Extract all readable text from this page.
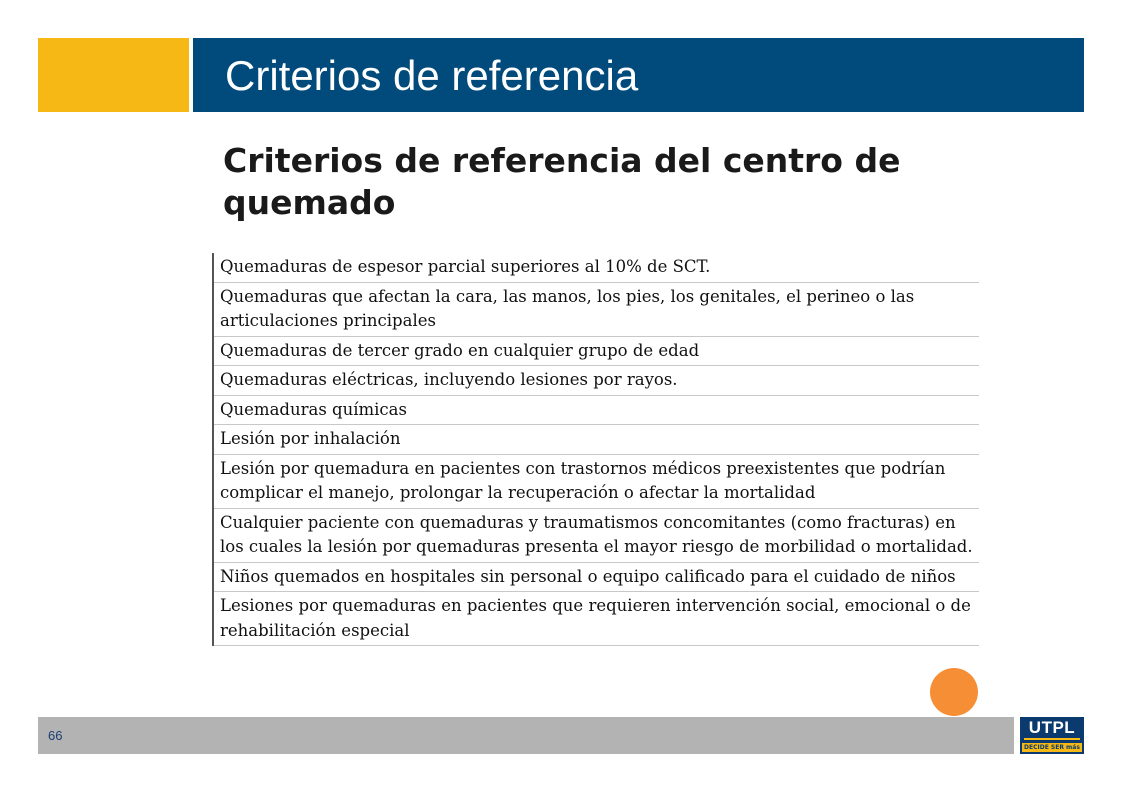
Criterios de referencia
Criterios de referencia del centro de quemado
Quemaduras de espesor parcial superiores al 10% de SCT.
Quemaduras que afectan la cara, las manos, los pies, los genitales, el perineo o las articulaciones principales
Quemaduras de tercer grado en cualquier grupo de edad
Quemaduras eléctricas, incluyendo lesiones por rayos.
Quemaduras químicas
Lesión por inhalación
Lesión por quemadura en pacientes con trastornos médicos preexistentes que podrían complicar el manejo, prolongar la recuperación o afectar la mortalidad
Cualquier paciente con quemaduras y traumatismos concomitantes (como fracturas) en los cuales la lesión por quemaduras presenta el mayor riesgo de morbilidad o mortalidad.
Niños quemados en hospitales sin personal o equipo calificado para el cuidado de niños
Lesiones por quemaduras en pacientes que requieren intervención social, emocional o de rehabilitación especial
66	UTPL
DECIDE SER más
